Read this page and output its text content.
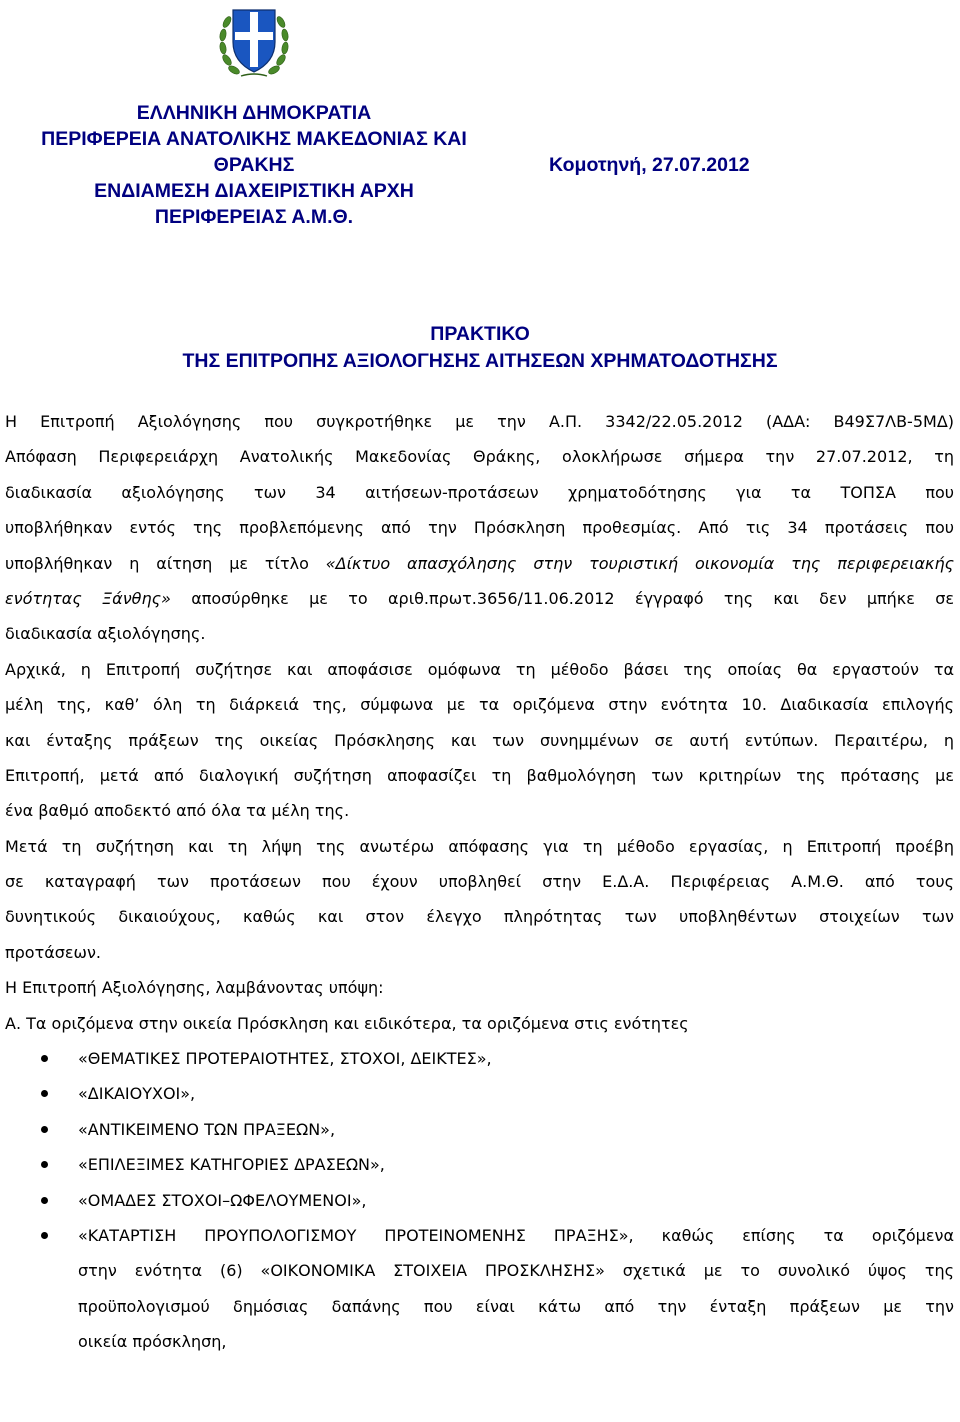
ΕΛΛΗΝΙΚΗ ΔΗΜΟΚΡΑΤΙΑ
ΠΕΡΙΦΕΡΕΙΑ ΑΝΑΤΟΛΙΚΗΣ ΜΑΚΕΔΟΝΙΑΣ ΚΑΙ
ΘΡΑΚΗΣ
ΕΝΔΙΑΜΕΣΗ ΔΙΑΧΕΙΡΙΣΤΙΚΗ ΑΡΧΗ
ΠΕΡΙΦΕΡΕΙΑΣ Α.Μ.Θ.
Κομοτηνή, 27.07.2012
ΠΡΑΚΤΙΚΟ
ΤΗΣ ΕΠΙΤΡΟΠΗΣ ΑΞΙΟΛΟΓΗΣΗΣ ΑΙΤΗΣΕΩΝ ΧΡΗΜΑΤΟΔΟΤΗΣΗΣ
Η Επιτροπή Αξιολόγησης που συγκροτήθηκε με την Α.Π. 3342/22.05.2012 (ΑΔΑ: Β49Σ7ΛΒ-5ΜΔ)
Απόφαση Περιφερειάρχη Ανατολικής Μακεδονίας Θράκης, ολοκλήρωσε σήμερα την 27.07.2012, τη
διαδικασία αξιολόγησης των 34 αιτήσεων-προτάσεων χρηματοδότησης για τα ΤΟΠΣΑ που
υποβλήθηκαν εντός της προβλεπόμενης από την Πρόσκληση προθεσμίας. Από τις 34 προτάσεις που
υποβλήθηκαν η αίτηση με τίτλο «Δίκτυο απασχόλησης στην τουριστική οικονομία της περιφερειακής
ενότητας Ξάνθης» αποσύρθηκε με το αριθ.πρωτ.3656/11.06.2012 έγγραφό της και δεν μπήκε σε
διαδικασία αξιολόγησης.
Αρχικά, η Επιτροπή συζήτησε και αποφάσισε ομόφωνα τη μέθοδο βάσει της οποίας θα εργαστούν τα
μέλη της, καθ’ όλη τη διάρκειά της, σύμφωνα με τα οριζόμενα στην ενότητα 10. Διαδικασία επιλογής
και ένταξης πράξεων της οικείας Πρόσκλησης και των συνημμένων σε αυτή εντύπων. Περαιτέρω, η
Επιτροπή, μετά από διαλογική συζήτηση αποφασίζει τη βαθμολόγηση των κριτηρίων της πρότασης με
ένα βαθμό αποδεκτό από όλα τα μέλη της.
Μετά τη συζήτηση και τη λήψη της ανωτέρω απόφασης για τη μέθοδο εργασίας, η Επιτροπή προέβη
σε καταγραφή των προτάσεων που έχουν υποβληθεί στην Ε.Δ.Α. Περιφέρειας Α.Μ.Θ. από τους
δυνητικούς δικαιούχους, καθώς και στον έλεγχο πληρότητας των υποβληθέντων στοιχείων των
προτάσεων.
Η Επιτροπή Αξιολόγησης, λαμβάνοντας υπόψη:
Α. Τα οριζόμενα στην οικεία Πρόσκληση και ειδικότερα, τα οριζόμενα στις ενότητες
«ΘΕΜΑΤΙΚΕΣ ΠΡΟΤΕΡΑΙΟΤΗΤΕΣ, ΣΤΟΧΟΙ, ΔΕΙΚΤΕΣ»,
«ΔΙΚΑΙΟΥΧΟΙ»,
«ΑΝΤΙΚΕΙΜΕΝΟ ΤΩΝ ΠΡΑΞΕΩΝ»,
«ΕΠΙΛΕΞΙΜΕΣ ΚΑΤΗΓΟΡΙΕΣ ΔΡΑΣΕΩΝ»,
«ΟΜΑΔΕΣ ΣΤΟΧΟΙ–ΩΦΕΛΟΥΜΕΝΟΙ»,
«ΚΑΤΑΡΤΙΣΗ ΠΡΟΥΠΟΛΟΓΙΣΜΟΥ ΠΡΟΤΕΙΝΟΜΕΝΗΣ ΠΡΑΞΗΣ», καθώς επίσης τα οριζόμενα
στην ενότητα (6) «ΟΙΚΟΝΟΜΙΚΑ ΣΤΟΙΧΕΙΑ ΠΡΟΣΚΛΗΣΗΣ» σχετικά με το συνολικό ύψος της
προϋπολογισμού δημόσιας δαπάνης που είναι κάτω από την ένταξη πράξεων με την
οικεία πρόσκληση,
